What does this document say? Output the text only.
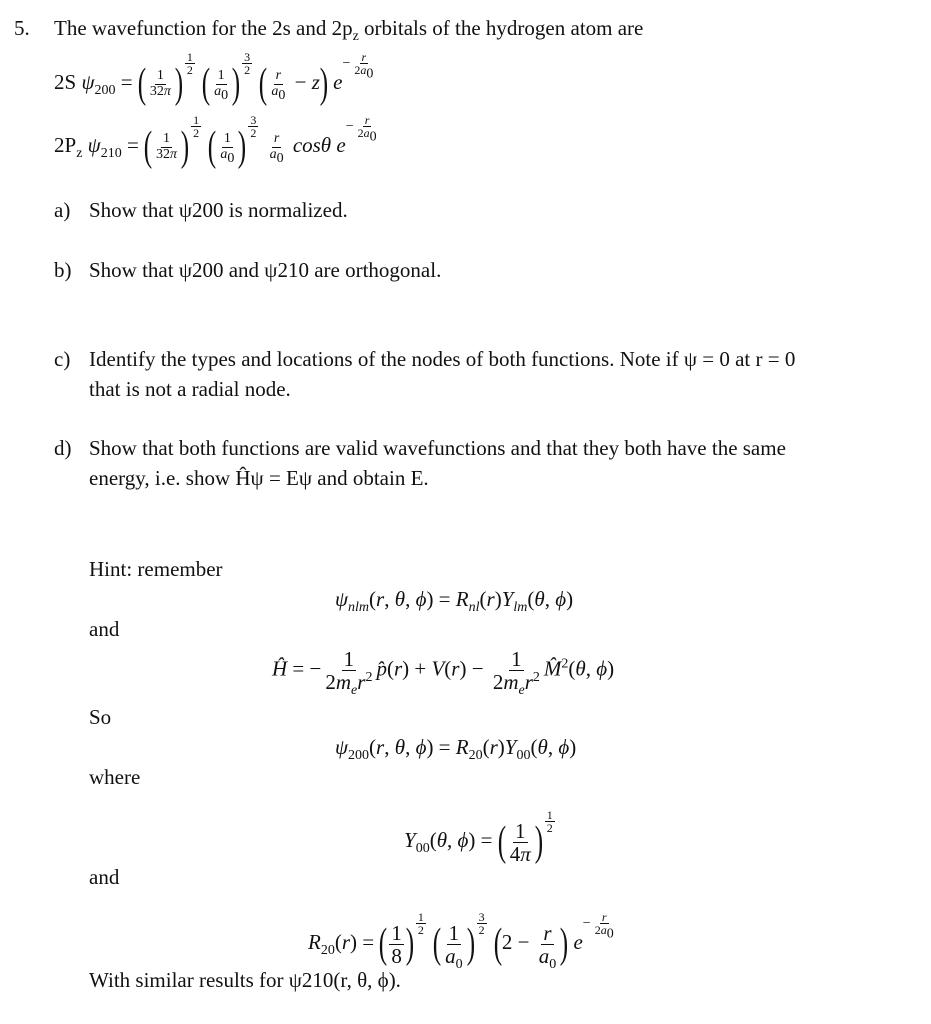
5. The wavefunction for the 2s and $2p_z$ orbitals of the hydrogen atom are
2S $\psi_{200}$ = ( $\frac{1}{32\pi}$ ) $\frac{1}{2}$ ( $\frac{1}{a_0}$ ) $\frac{3}{2}$ ( $\frac{r}{a_0} - z$) $e- \frac{r}{2a_0}$
$2P_z$ $\psi_{210}$ = ( $\frac{1}{32\pi}$ ) $\frac{1}{2}$ ( $\frac{1}{a_0}$ ) $\frac{3}{2}$

$\frac{r}{a_0}$ cosθ $e- \frac{r}{2a_0}$
a) Show that ψ200 is normalized.
b) Show that ψ200 and ψ210 are orthogonal.
c) Identify the types and locations of the nodes of both functions. Note if ψ = 0 at r = 0
that is not a radial node.
d) Show that both functions are valid wavefunctions and that they both have the same
energy, i.e. show Ĥψ = Eψ and obtain E.
Hint: remember
$\psi_{nlm}(r$, θ, $\phi) = R_{nl}(r)Y_{lm}(\theta$, ϕ)
and
Ĥ = − $\frac{1}{2m_er^2}$ p̂(r) + $V(r) - \frac{1}{2m_er^2}$ M̂$^2$(θ, ϕ)
So
$\psi_{200}(r$, θ, $\phi) = R_{20}(r)Y_{00}(\theta$, ϕ)
where
$Y_{00}(\theta$, ϕ) = ( $\frac{1}{4\pi}$ ) $\frac{1}{2}$
and
$R_{20}(r)$ = ( $\frac{1}{8}$ ) $\frac{1}{2}$ ( $\frac{1}{a_0}$ ) $\frac{3}{2} (2 - \frac{r}{a_0}$ ) $e- \frac{r}{2a_0}$
With similar results for ψ210(r, θ, ϕ).
